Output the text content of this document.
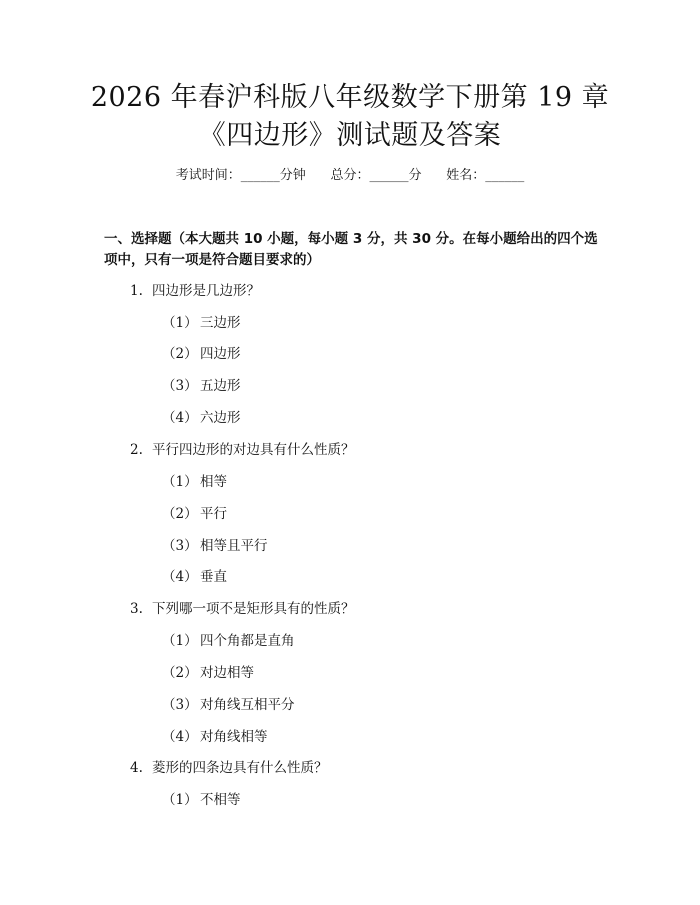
2026 年春沪科版八年级数学下册第 19 章
《四边形》测试题及答案
考试时间：______分钟      总分：______分      姓名：______
一、选择题（本大题共 10 小题，每小题 3 分，共 30 分。在每小题给出的四个选
项中，只有一项是符合题目要求的）
1. 四边形是几边形？
（1） 三边形
（2） 四边形
（3） 五边形
（4） 六边形
2. 平行四边形的对边具有什么性质？
（1） 相等
（2） 平行
（3） 相等且平行
（4） 垂直
3. 下列哪一项不是矩形具有的性质？
（1） 四个角都是直角
（2） 对边相等
（3） 对角线互相平分
（4） 对角线相等
4. 菱形的四条边具有什么性质？
（1） 不相等
